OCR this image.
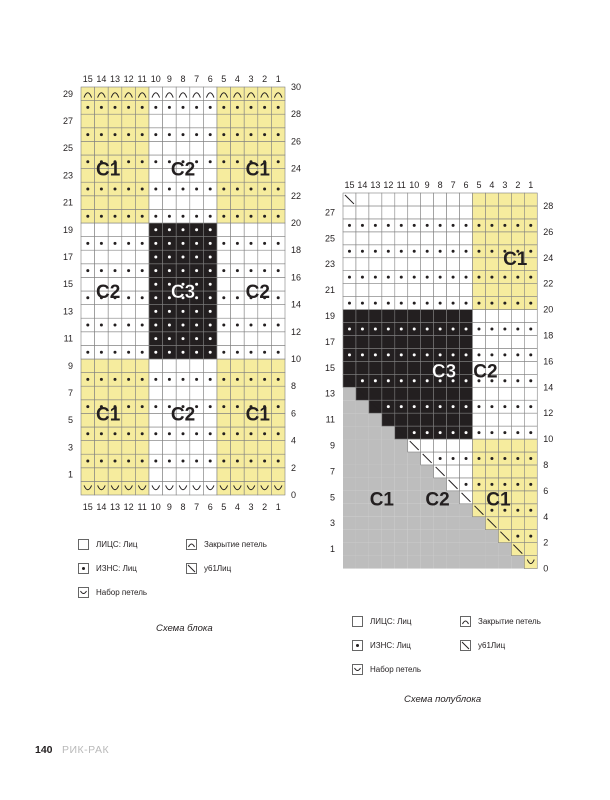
15
15
14
14
13
13
12
12
11
11
10
10
9
9
8
8
7
7
6
6
5
5
4
4
3
3
2
2
1
1
1
3
5
7
9
11
13
15
17
19
21
23
25
27
29
0
2
4
6
8
10
12
14
16
18
20
22
24
26
28
30
C1	C2	C1
C2	C3	C2
C1	C2	C1
15 14 13 12 11 10 9 8 7 6 5 4 3 2 1
1
3
5
7
9
11
13
15
17
19
21
23
25
27
0
2
4
6
8
10
12
14
16
18
20
22
24
26
28
C1
C3 C2
C1 C2 C1
ЛИЦС: Лиц
ИЗНС: Лиц
Набор петель
Закрытие петель
у61Лиц
Схема блока
ЛИЦС: Лиц
ИЗНС: Лиц
Набор петель
Закрытие петель
у61Лиц
Схема полублока
140 РИК-РАК
